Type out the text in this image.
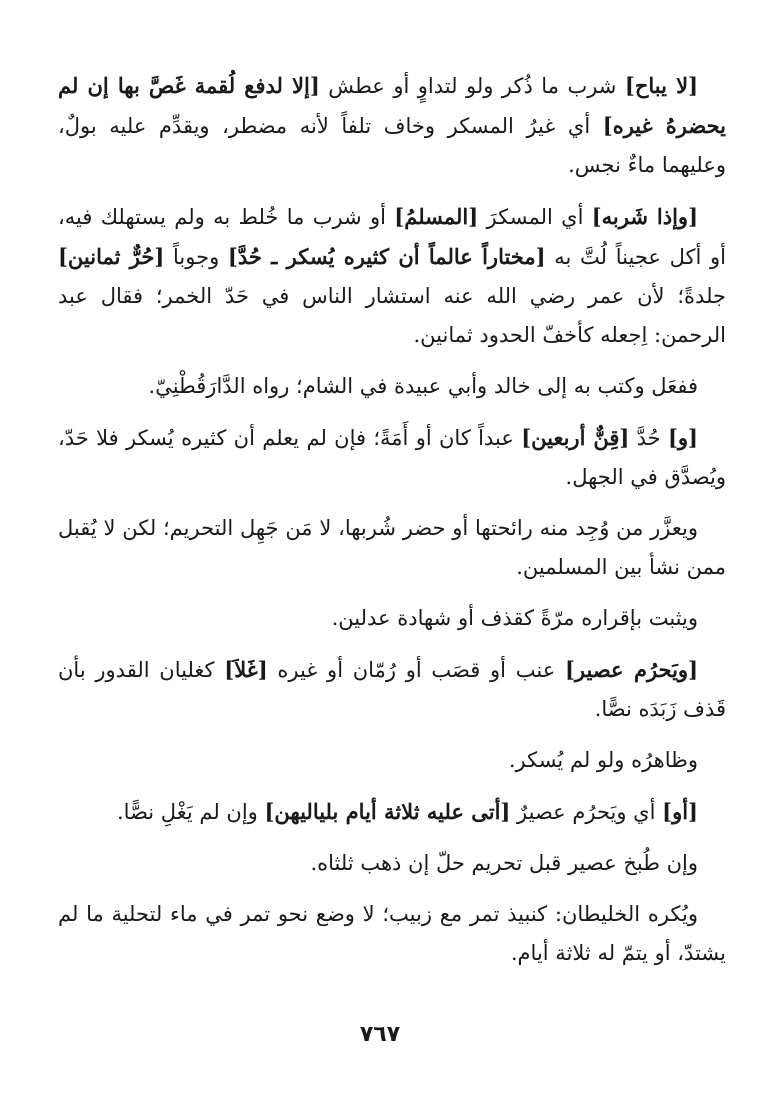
[لا يباح] شرب ما ذُكر ولو لتداوٍ أو عطش [إلا لدفع لُقمة غَصَّ بها إن لم يحضرهُ غيره] أي غيرُ المسكر وخاف تلفاً لأنه مضطر، ويقدِّم عليه بولٌ، وعليهما ماءٌ نجس.

[وإذا شَربه] أي المسكرَ [المسلمُ] أو شرب ما خُلط به ولم يستهلك فيه، أو أكل عجيناً لُتَّ به [مختاراً عالماً أن كثيره يُسكر ـ حُدَّ] وجوباً [حُرٌّ ثمانين] جلدةً؛ لأن عمر رضي الله عنه استشار الناس في حَدّ الخمر؛ فقال عبد الرحمن: اِجعله كأخفّ الحدود ثمانين.

ففعَل وكتب به إلى خالد وأبي عبيدة في الشام؛ رواه الدَّارَقُطْنِيّ.

[و] حُدَّ [قِنٌّ أربعين] عبداً كان أو أَمَةً؛ فإن لم يعلم أن كثيره يُسكر فلا حَدّ، ويُصدَّق في الجهل.

ويعزَّر من وُجِد منه رائحتها أو حضر شُربها، لا مَن جَهِل التحريم؛ لكن لا يُقبل ممن نشأ بين المسلمين.

ويثبت بإقراره مرّةً كقذف أو شهادة عدلين.

[ويَحرُم عصير] عنب أو قصَب أو رُمّان أو غيره [غَلاَ] كغليان القدور بأن قَذف زَبَدَه نصًّا.

وظاهرُه ولو لم يُسكر.

[أو] أي ويَحرُم عصيرٌ [أتى عليه ثلاثة أيام بلياليهن] وإن لم يَغْلِ نصًّا.

وإن طُبخ عصير قبل تحريم حلّ إن ذهب ثلثاه.

ويُكره الخليطان: كنبيذ تمر مع زبيب؛ لا وضع نحو تمر في ماء لتحلية ما لم يشتدّ، أو يتمّ له ثلاثة أيام.

٧٦٧
